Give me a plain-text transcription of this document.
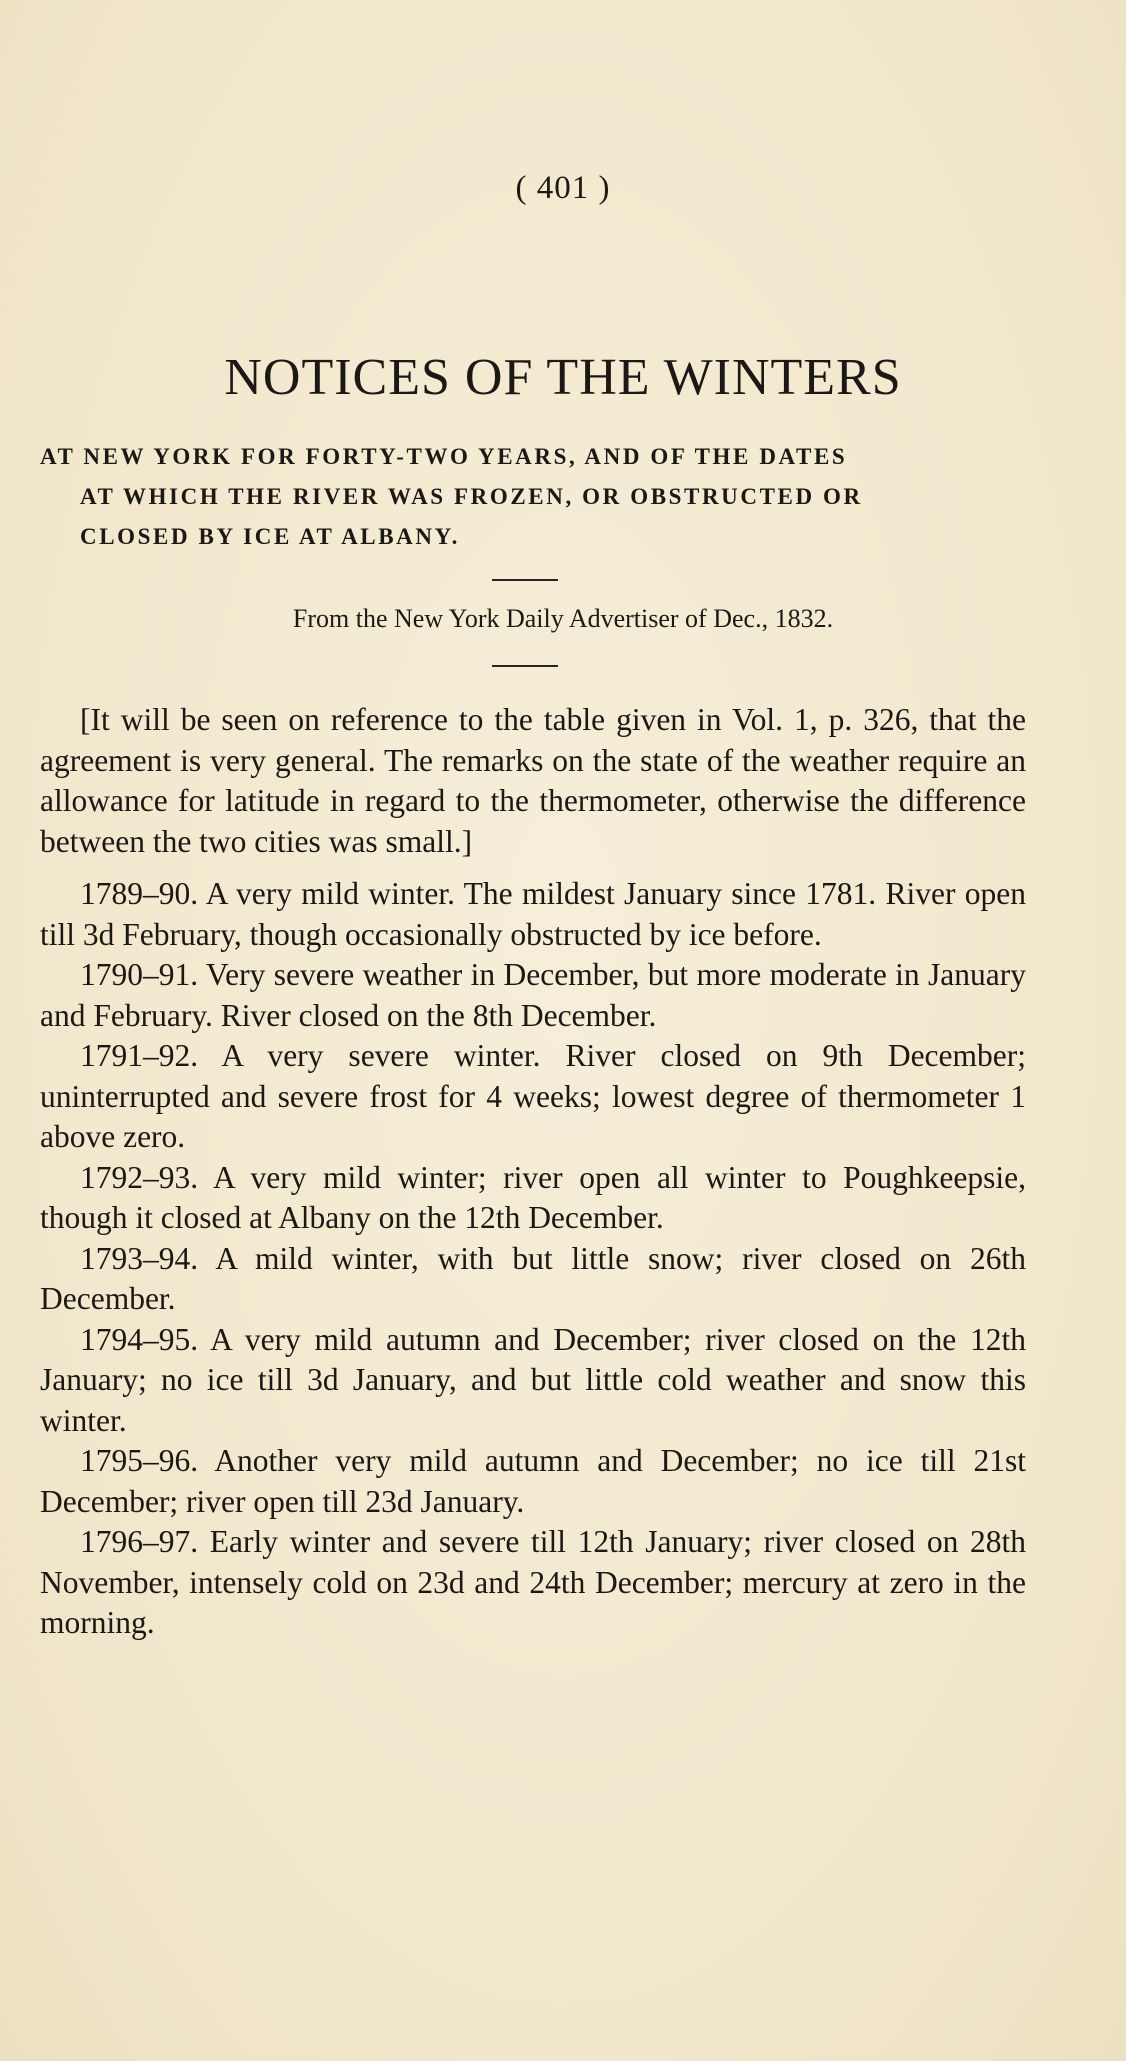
( 401 )
NOTICES OF THE WINTERS
AT NEW YORK FOR FORTY-TWO YEARS, AND OF THE DATES
AT WHICH THE RIVER WAS FROZEN, OR OBSTRUCTED OR
CLOSED BY ICE AT ALBANY.
From the New York Daily Advertiser of Dec., 1832.

[It will be seen on reference to the table given in Vol. 1, p. 326, that the agreement is very general. The remarks on the state of the weather require an allowance for latitude in regard to the thermometer, otherwise the difference between the two cities was small.]

1789–90. A very mild winter. The mildest January since 1781. River open till 3d February, though occasionally obstructed by ice before.

1790–91. Very severe weather in December, but more moderate in January and February. River closed on the 8th December.

1791–92. A very severe winter. River closed on 9th December; uninterrupted and severe frost for 4 weeks; lowest degree of thermometer 1 above zero.

1792–93. A very mild winter; river open all winter to Poughkeepsie, though it closed at Albany on the 12th December.

1793–94. A mild winter, with but little snow; river closed on 26th December.

1794–95. A very mild autumn and December; river closed on the 12th January; no ice till 3d January, and but little cold weather and snow this winter.

1795–96. Another very mild autumn and December; no ice till 21st December; river open till 23d January.

1796–97. Early winter and severe till 12th January; river closed on 28th November, intensely cold on 23d and 24th December; mercury at zero in the morning.
